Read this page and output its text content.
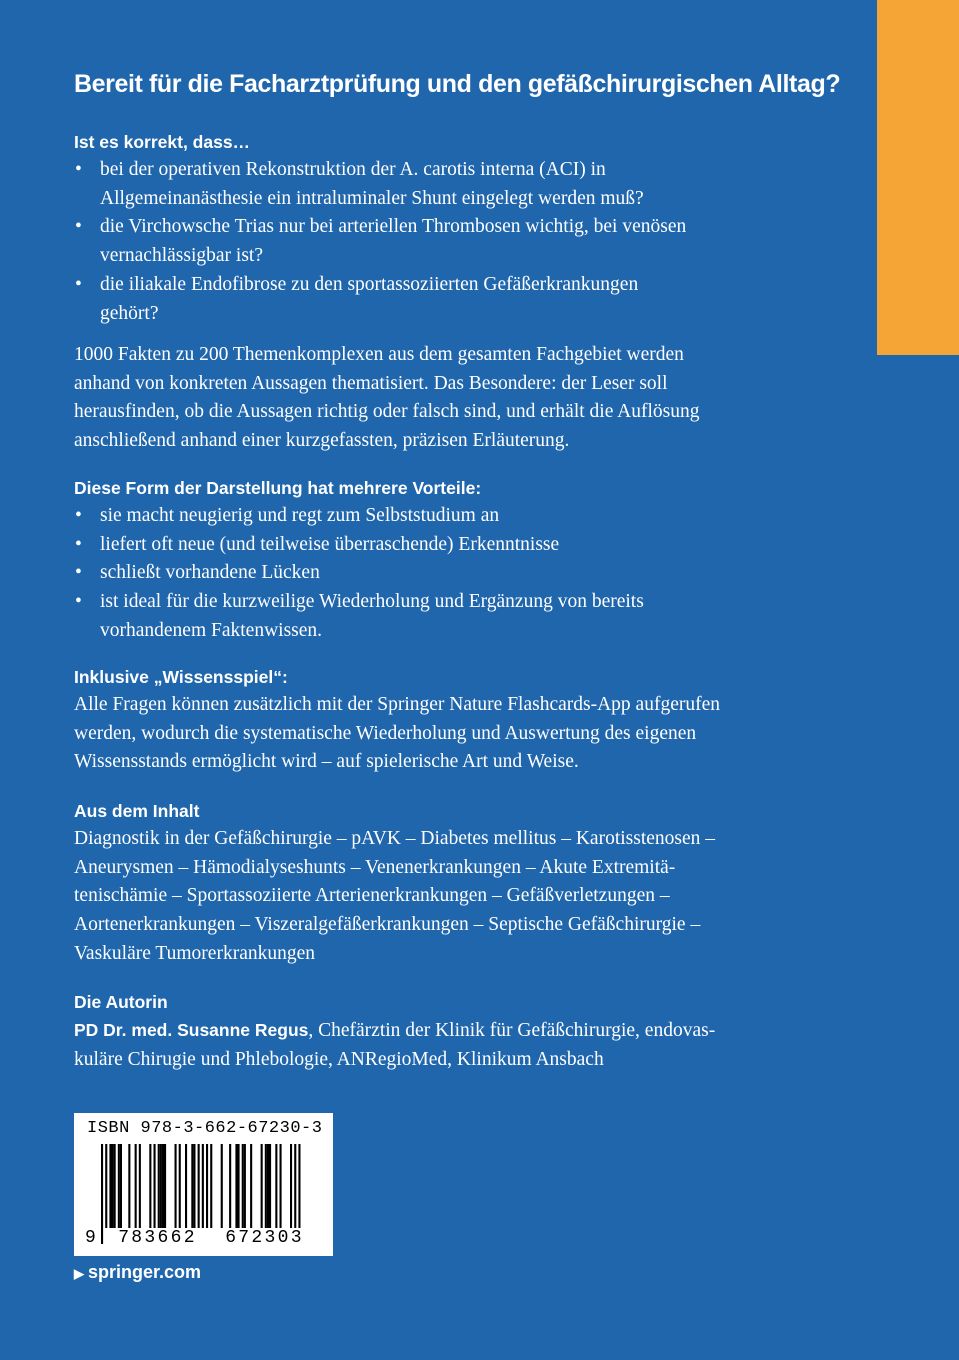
Bereit für die Facharztprüfung und den gefäßchirurgischen Alltag?
Ist es korrekt, dass…
• bei der operativen Rekonstruktion der A. carotis interna (ACI) in
Allgemeinanästhesie ein intraluminaler Shunt eingelegt werden muß?
• die Virchowsche Trias nur bei arteriellen Thrombosen wichtig, bei venösen
vernachlässigbar ist?
• die iliakale Endofibrose zu den sportassoziierten Gefäßerkrankungen
gehört?
1000 Fakten zu 200 Themenkomplexen aus dem gesamten Fachgebiet werden
anhand von konkreten Aussagen thematisiert. Das Besondere: der Leser soll
herausfinden, ob die Aussagen richtig oder falsch sind, und erhält die Auflösung
anschließend anhand einer kurzgefassten, präzisen Erläuterung.
Diese Form der Darstellung hat mehrere Vorteile:
• sie macht neugierig und regt zum Selbststudium an
• liefert oft neue (und teilweise überraschende) Erkenntnisse
• schließt vorhandene Lücken
• ist ideal für die kurzweilige Wiederholung und Ergänzung von bereits
vorhandenem Faktenwissen.
Inklusive „Wissensspiel“:
Alle Fragen können zusätzlich mit der Springer Nature Flashcards-App aufgerufen
werden, wodurch die systematische Wiederholung und Auswertung des eigenen
Wissensstands ermöglicht wird – auf spielerische Art und Weise.
Aus dem Inhalt
Diagnostik in der Gefäßchirurgie – pAVK – Diabetes mellitus – Karotisstenosen –
Aneurysmen – Hämodialyseshunts – Venenerkrankungen – Akute Extremitä-
tenischämie – Sportassoziierte Arterienerkrankungen – Gefäßverletzungen –
Aortenerkrankungen – Viszeralgefäßerkrankungen – Septische Gefäßchirurgie –
Vaskuläre Tumorerkrankungen
Die Autorin
PD Dr. med. Susanne Regus, Chefärztin der Klinik für Gefäßchirurgie, endovas-
kuläre Chirugie und Phlebologie, ANRegioMed, Klinikum Ansbach
ISBN 978-3-662-67230-3
9	783662	672303
▶ springer.com
